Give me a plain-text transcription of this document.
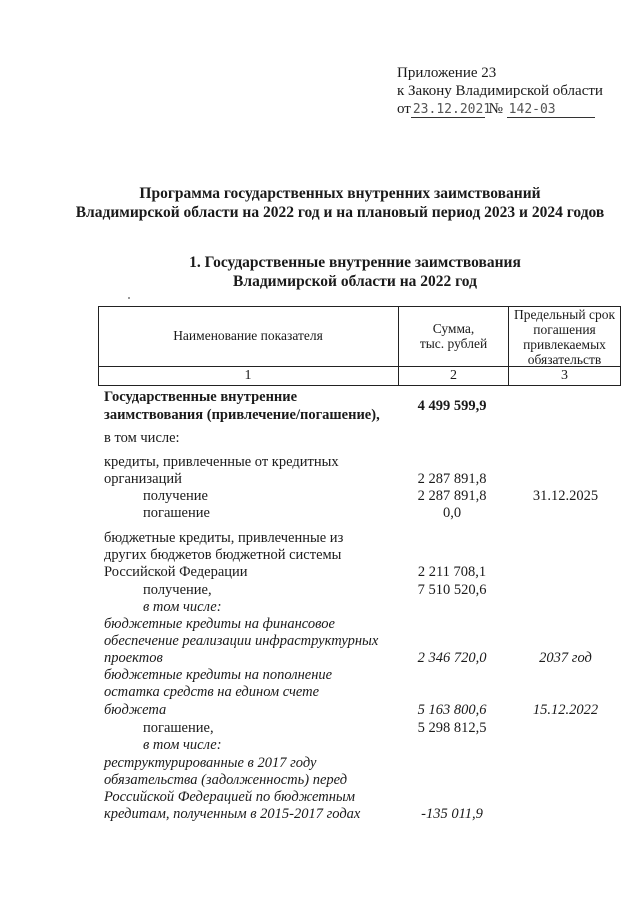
Приложение 23
к Закону Владимирской области
от 23.12.2021 № 142-03
Программа государственных внутренних заимствований
Владимирской области на 2022 год и на плановый период 2023 и 2024 годов
1. Государственные внутренние заимствования
Владимирской области на 2022 год
Наименование показателя	Сумма,
тыс. рублей
Предельный срок
погашения
привлекаемых
обязательств
1	2	3
Государственные внутренние
заимствования (привлечение/погашение),
4 499 599,9
в том числе:
кредиты, привлеченные от кредитных
организаций	2 287 891,8
получение	2 287 891,8	31.12.2025
погашение	0,0
бюджетные кредиты, привлеченные из
других бюджетов бюджетной системы
Российской Федерации	2 211 708,1
получение,	7 510 520,6
в том числе:
бюджетные кредиты на финансовое
обеспечение реализации инфраструктурных
проектов	2 346 720,0	2037 год
бюджетные кредиты на пополнение
остатка средств на едином счете
бюджета	5 163 800,6	15.12.2022
погашение,	5 298 812,5
в том числе:
реструктурированные в 2017 году
обязательства (задолженность) перед
Российской Федерацией по бюджетным
кредитам, полученным в 2015-2017 годах	-135 011,9
